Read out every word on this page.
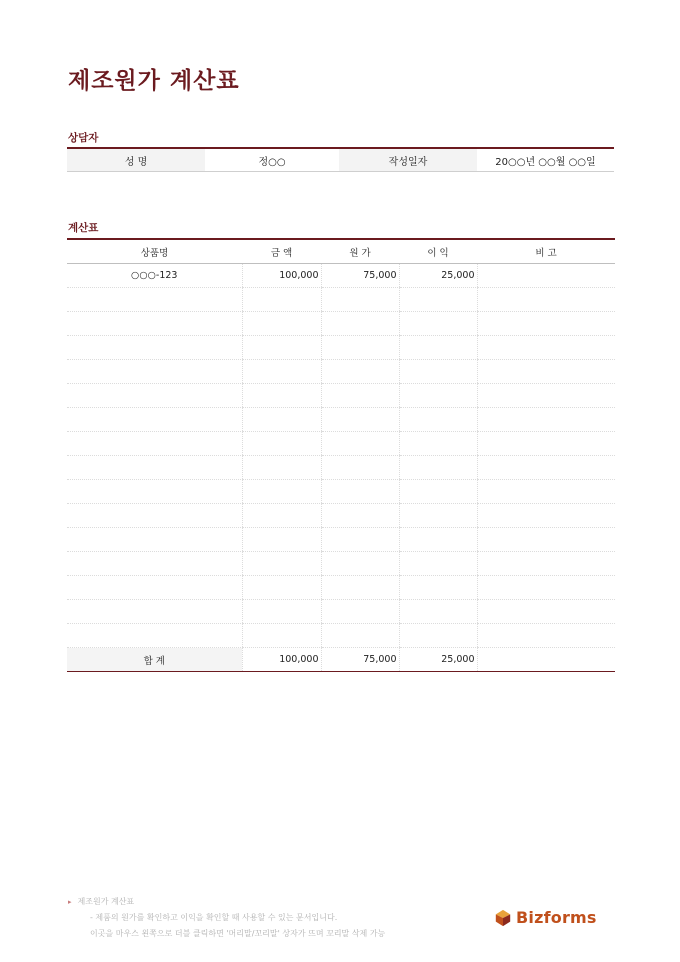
제조원가 계산표
상담자
성 명	정○○	작성일자	20○○년 ○○월 ○○일
계산표
상품명	금 액	원 가	이 익	비 고
○○○-123	100,000	75,000	25,000	

합 계	100,000	75,000	25,000	
▸ 제조원가 계산표
- 제품의 원가를 확인하고 이익을 확인할 때 사용할 수 있는 문서입니다.
이곳을 마우스 왼쪽으로 더블 클릭하면 '머리말/꼬리말' 상자가 뜨며 꼬리말 삭제 가능
Bizforms
